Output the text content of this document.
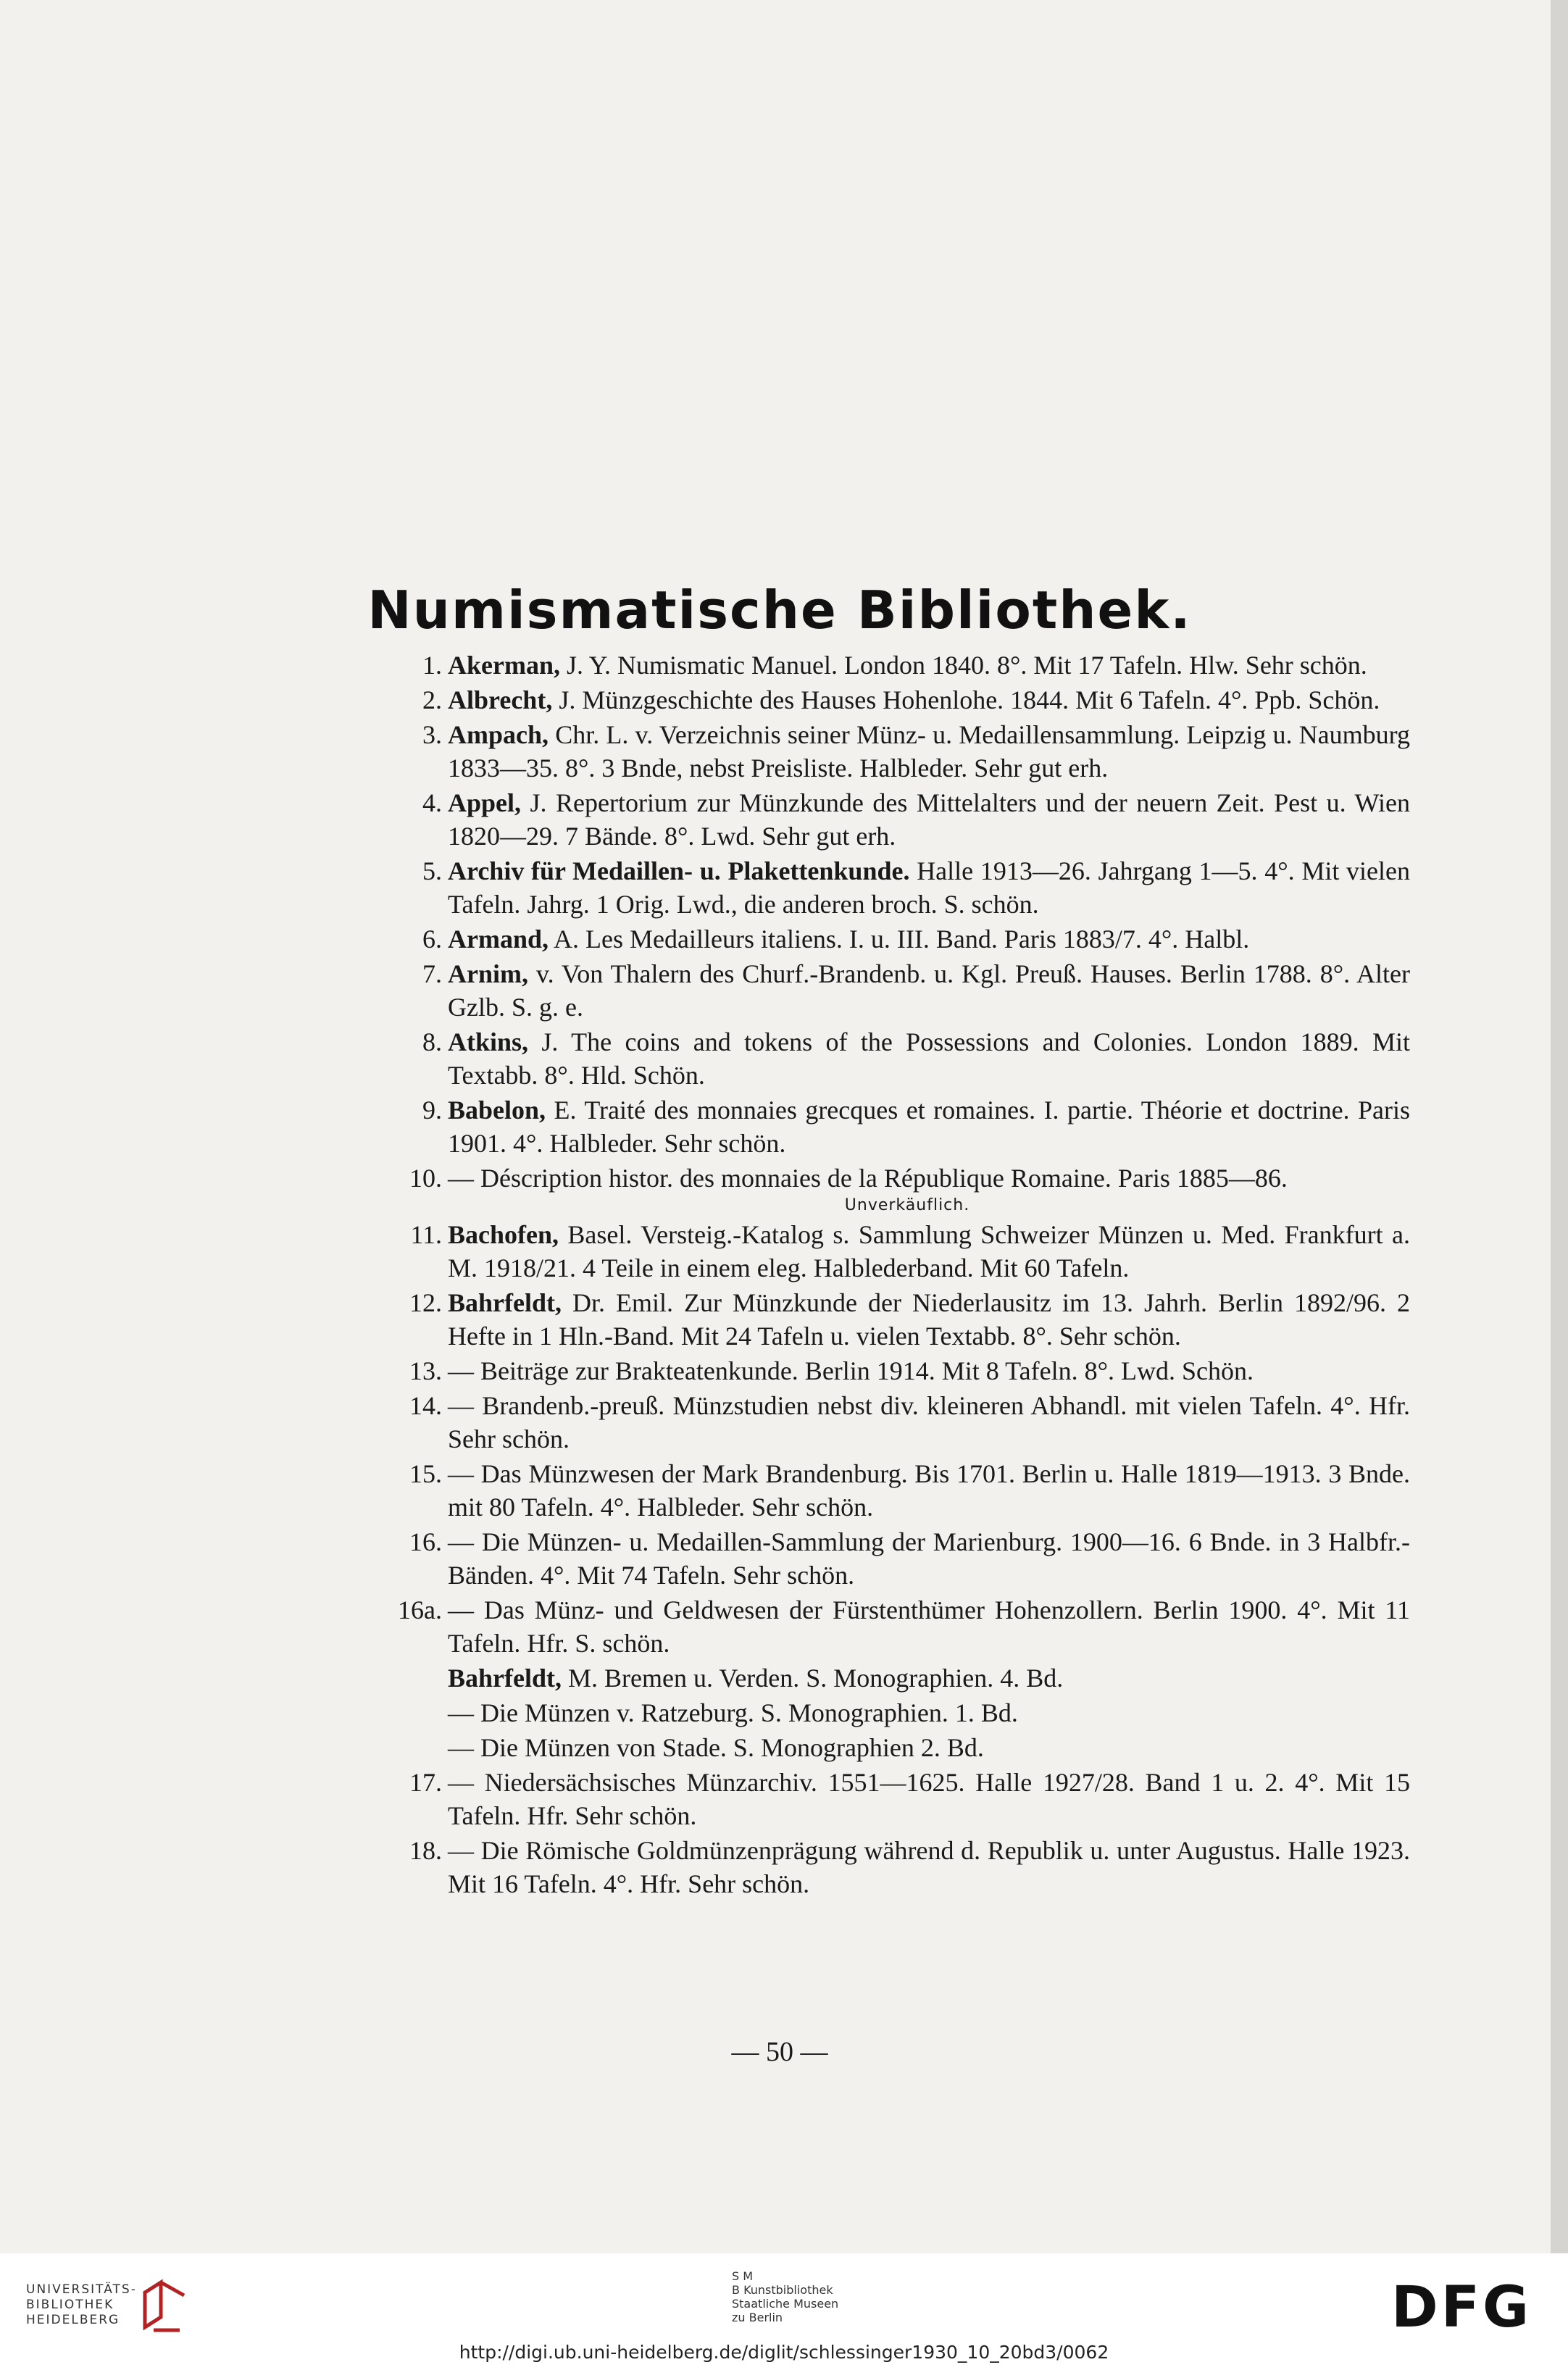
Numismatische Bibliothek.
1. Akerman, J. Y. Numismatic Manuel. London 1840. 8°. Mit 17 Tafeln. Hlw. Sehr schön.
2. Albrecht, J. Münzgeschichte des Hauses Hohenlohe. 1844. Mit 6 Tafeln. 4°. Ppb. Schön.
3. Ampach, Chr. L. v. Verzeichnis seiner Münz- u. Medaillensammlung. Leipzig u. Naumburg 1833—35. 8°. 3 Bnde, nebst Preisliste. Halbleder. Sehr gut erh.
4. Appel, J. Repertorium zur Münzkunde des Mittelalters und der neuern Zeit. Pest u. Wien 1820—29. 7 Bände. 8°. Lwd. Sehr gut erh.
5. Archiv für Medaillen- u. Plakettenkunde. Halle 1913—26. Jahrgang 1—5. 4°. Mit vielen Tafeln. Jahrg. 1 Orig. Lwd., die anderen broch. S. schön.
6. Armand, A. Les Medailleurs italiens. I. u. III. Band. Paris 1883/7. 4°. Halbl.
7. Arnim, v. Von Thalern des Churf.-Brandenb. u. Kgl. Preuß. Hauses. Berlin 1788. 8°. Alter Gzlb. S. g. e.
8. Atkins, J. The coins and tokens of the Possessions and Colonies. London 1889. Mit Textabb. 8°. Hld. Schön.
9. Babelon, E. Traité des monnaies grecques et romaines. I. partie. Théorie et doctrine. Paris 1901. 4°. Halbleder. Sehr schön.
10. — Déscription histor. des monnaies de la République Romaine. Paris 1885—86.
Unverkäuflich.
11. Bachofen, Basel. Versteig.-Katalog s. Sammlung Schweizer Münzen u. Med. Frankfurt a. M. 1918/21. 4 Teile in einem eleg. Halblederband. Mit 60 Tafeln.
12. Bahrfeldt, Dr. Emil. Zur Münzkunde der Niederlausitz im 13. Jahrh. Berlin 1892/96. 2 Hefte in 1 Hln.-Band. Mit 24 Tafeln u. vielen Textabb. 8°. Sehr schön.
13. — Beiträge zur Brakteatenkunde. Berlin 1914. Mit 8 Tafeln. 8°. Lwd. Schön.
14. — Brandenb.-preuß. Münzstudien nebst div. kleineren Abhandl. mit vielen Tafeln. 4°. Hfr. Sehr schön.
15. — Das Münzwesen der Mark Brandenburg. Bis 1701. Berlin u. Halle 1819—1913. 3 Bnde. mit 80 Tafeln. 4°. Halbleder. Sehr schön.
16. — Die Münzen- u. Medaillen-Sammlung der Marienburg. 1900—16. 6 Bnde. in 3 Halbfr.-Bänden. 4°. Mit 74 Tafeln. Sehr schön.
16a. — Das Münz- und Geldwesen der Fürstenthümer Hohenzollern. Berlin 1900. 4°. Mit 11 Tafeln. Hfr. S. schön.
Bahrfeldt, M. Bremen u. Verden. S. Monographien. 4. Bd.
— Die Münzen v. Ratzeburg. S. Monographien. 1. Bd.
— Die Münzen von Stade. S. Monographien 2. Bd.
17. — Niedersächsisches Münzarchiv. 1551—1625. Halle 1927/28. Band 1 u. 2. 4°. Mit 15 Tafeln. Hfr. Sehr schön.
18. — Die Römische Goldmünzenprägung während d. Republik u. unter Augustus. Halle 1923. Mit 16 Tafeln. 4°. Hfr. Sehr schön.
— 50 —
UNIVERSITÄTS-
BIBLIOTHEK
HEIDELBERG
S M
B Kunstbibliothek
Staatliche Museen
zu Berlin	DFG
http://digi.ub.uni-heidelberg.de/diglit/schlessinger1930_10_20bd3/0062
